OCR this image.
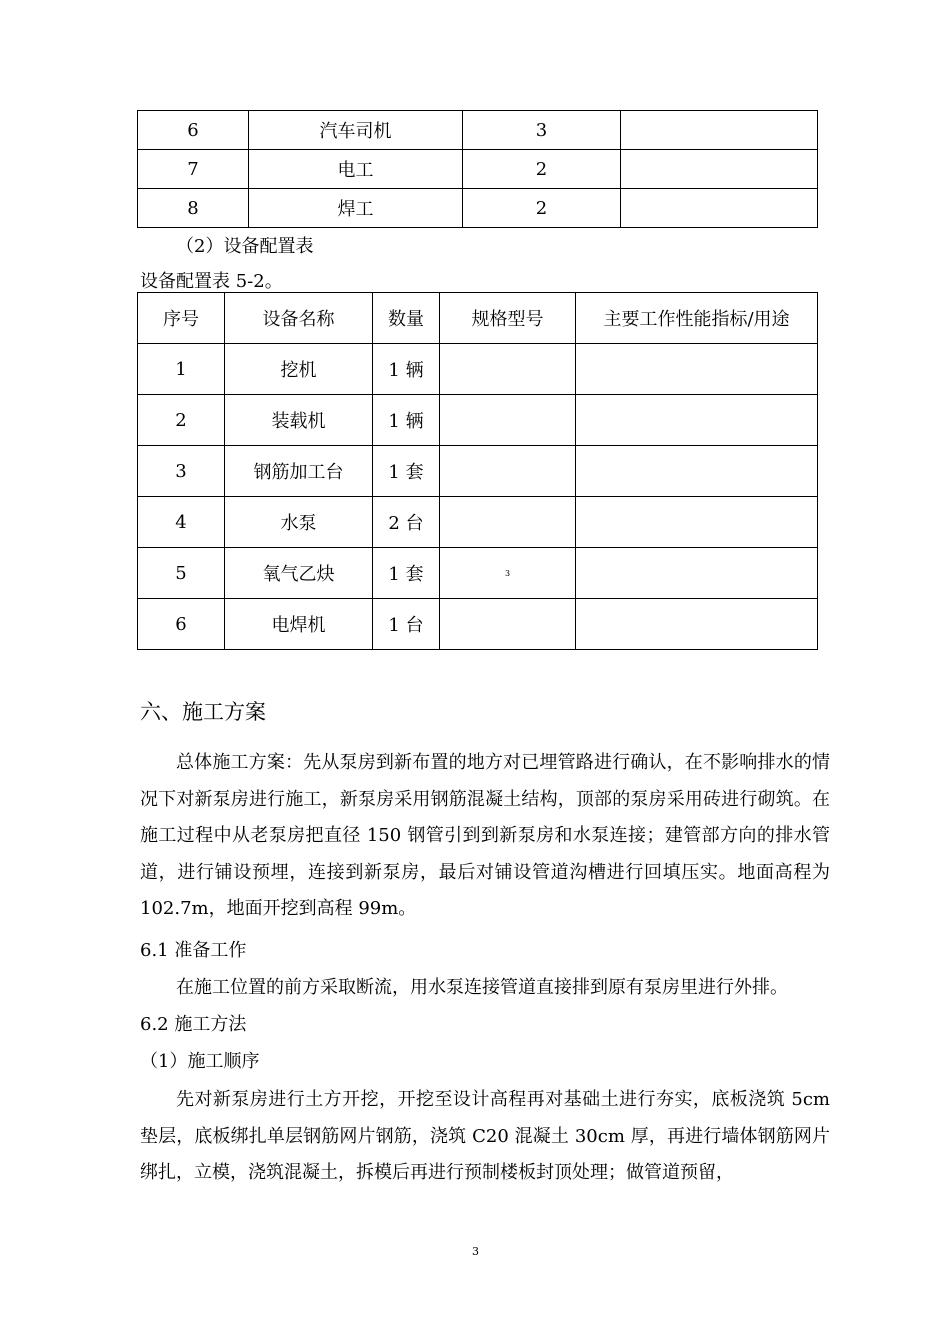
6	汽车司机	3	
7	电工	2	
8	焊工	2	
（2）设备配置表
设备配置表 5-2。
序号	设备名称	数量	规格型号	主要工作性能指标/用途
1	挖机	1 辆		
2	装载机	1 辆		
3	钢筋加工台	1 套		
4	水泵	2 台		
5	氧气乙炔	1 套	3	
6	电焊机	1 台		
六、施工方案
总体施工方案：先从泵房到新布置的地方对已埋管路进行确认，在不影响排水的情况下对新泵房进行施工，新泵房采用钢筋混凝土结构，顶部的泵房采用砖进行砌筑。在施工过程中从老泵房把直径 150 钢管引到到新泵房和水泵连接；建管部方向的排水管道，进行铺设预埋，连接到新泵房，最后对铺设管道沟槽进行回填压实。地面高程为 102.7m，地面开挖到高程 99m。
6.1 准备工作
在施工位置的前方采取断流，用水泵连接管道直接排到原有泵房里进行外排。
6.2 施工方法
（1）施工顺序
先对新泵房进行土方开挖，开挖至设计高程再对基础土进行夯实，底板浇筑 5cm 垫层，底板绑扎单层钢筋网片钢筋，浇筑 C20 混凝土 30cm 厚，再进行墙体钢筋网片绑扎，立模，浇筑混凝土，拆模后再进行预制楼板封顶处理；做管道预留，
3
